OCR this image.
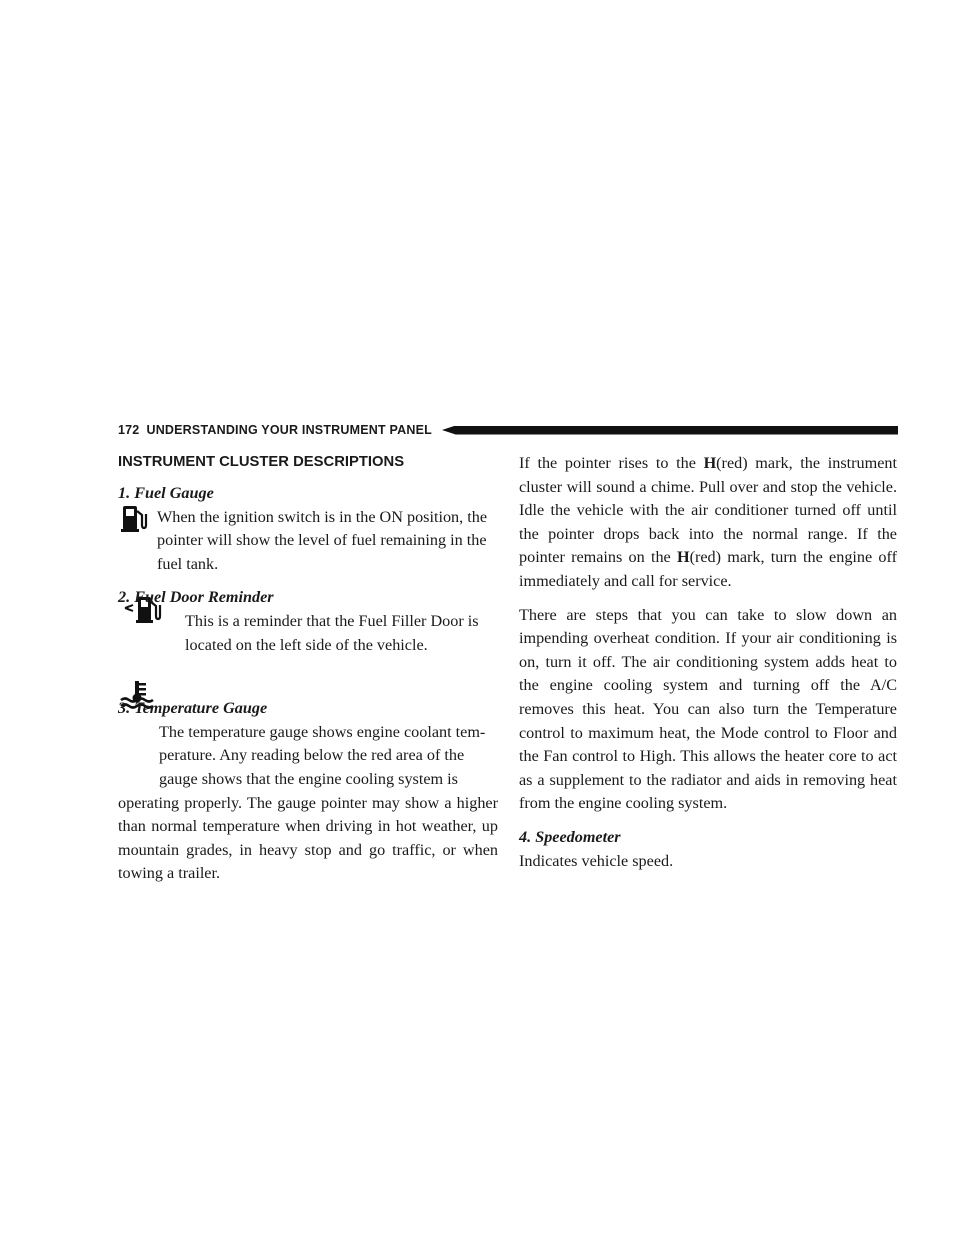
172 UNDERSTANDING YOUR INSTRUMENT PANEL
INSTRUMENT CLUSTER DESCRIPTIONS

1. Fuel Gauge

When the ignition switch is in the ON position, the

pointer will show the level of fuel remaining in the

fuel tank.

2. Fuel Door Reminder

This is a reminder that the Fuel Filler Door is

located on the left side of the vehicle.

3. Temperature Gauge

The temperature gauge shows engine coolant tem-

perature. Any reading below the red area of the

gauge shows that the engine cooling system is

operating properly. The gauge pointer may show a higher than normal temperature when driving in hot weather, up mountain grades, in heavy stop and go traffic, or when towing a trailer.

If the pointer rises to the H(red) mark, the instrument cluster will sound a chime. Pull over and stop the vehicle. Idle the vehicle with the air conditioner turned off until the pointer drops back into the normal range. If the pointer remains on the H(red) mark, turn the engine off immediately and call for service.

There are steps that you can take to slow down an impending overheat condition. If your air conditioning is on, turn it off. The air conditioning system adds heat to the engine cooling system and turning off the A/C removes this heat. You can also turn the Temperature control to maximum heat, the Mode control to Floor and the Fan control to High. This allows the heater core to act as a supplement to the radiator and aids in removing heat from the engine cooling system.

4. Speedometer

Indicates vehicle speed.
